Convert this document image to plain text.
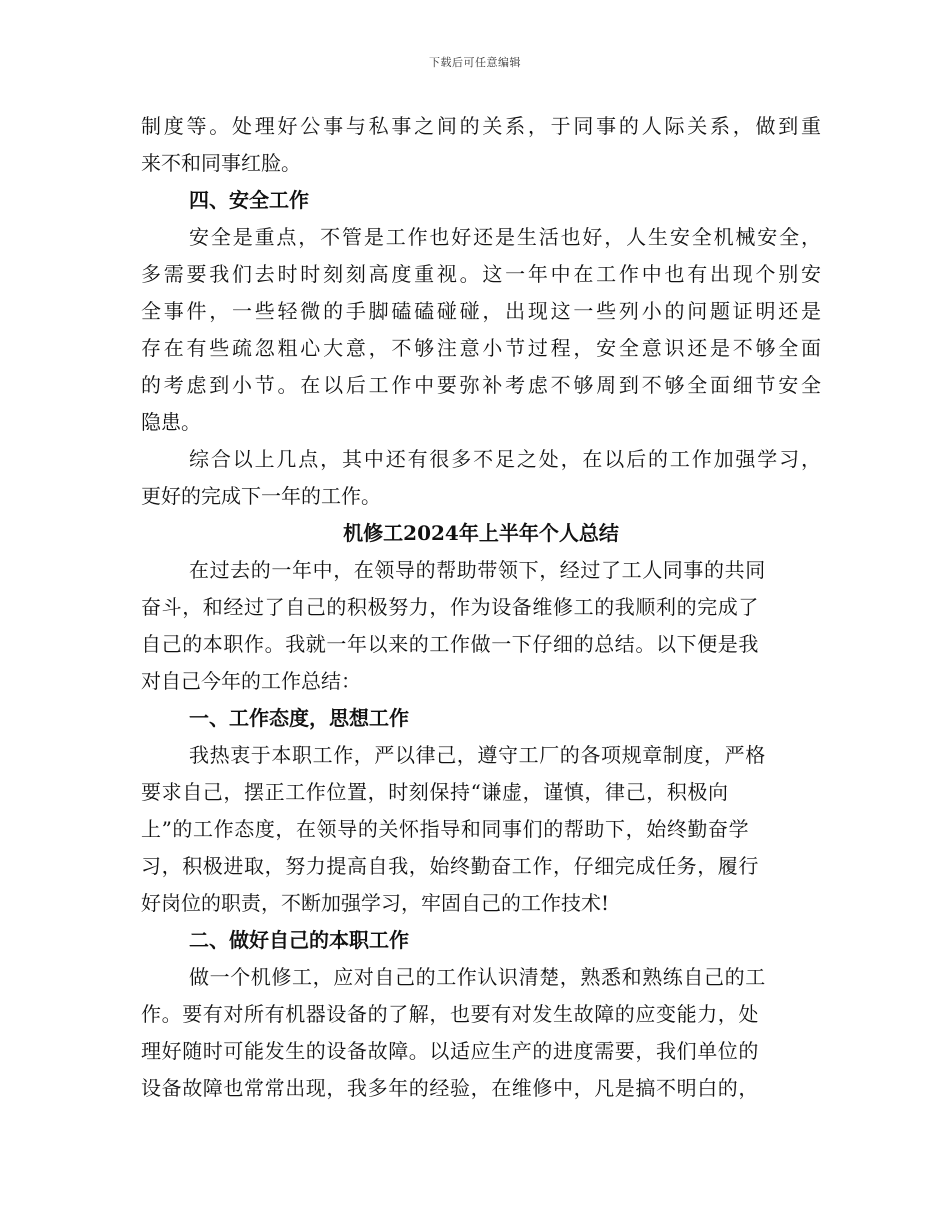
下载后可任意编辑
制度等。处理好公事与私事之间的关系，于同事的人际关系，做到重
来不和同事红脸。
四、安全工作
安全是重点，不管是工作也好还是生活也好，人生安全机械安全，
多需要我们去时时刻刻高度重视。这一年中在工作中也有出现个别安
全事件，一些轻微的手脚磕磕碰碰，出现这一些列小的问题证明还是
存在有些疏忽粗心大意，不够注意小节过程，安全意识还是不够全面
的考虑到小节。在以后工作中要弥补考虑不够周到不够全面细节安全
隐患。
综合以上几点，其中还有很多不足之处，在以后的工作加强学习，
更好的完成下一年的工作。
机修工2024年上半年个人总结
在过去的一年中，在领导的帮助带领下，经过了工人同事的共同
奋斗，和经过了自己的积极努力，作为设备维修工的我顺利的完成了
自己的本职作。我就一年以来的工作做一下仔细的总结。以下便是我
对自己今年的工作总结：
一、工作态度，思想工作
我热衷于本职工作，严以律己，遵守工厂的各项规章制度，严格
要求自己，摆正工作位置，时刻保持“谦虚，谨慎，律己，积极向
上”的工作态度，在领导的关怀指导和同事们的帮助下，始终勤奋学
习，积极进取，努力提高自我，始终勤奋工作，仔细完成任务，履行
好岗位的职责，不断加强学习，牢固自己的工作技术!
二、做好自己的本职工作
做一个机修工，应对自己的工作认识清楚，熟悉和熟练自己的工
作。要有对所有机器设备的了解，也要有对发生故障的应变能力，处
理好随时可能发生的设备故障。以适应生产的进度需要，我们单位的
设备故障也常常出现，我多年的经验，在维修中，凡是搞不明白的，
